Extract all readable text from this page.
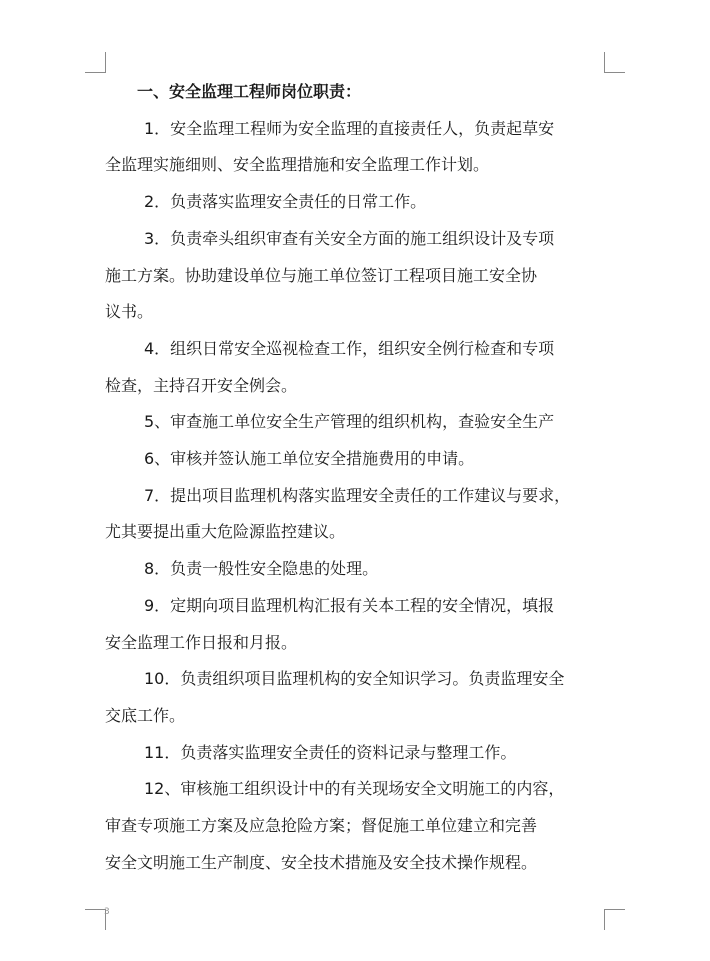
3

一、安全监理工程师岗位职责：

1．安全监理工程师为安全监理的直接责任人，负责起草安

全监理实施细则、安全监理措施和安全监理工作计划。

2．负责落实监理安全责任的日常工作。

3．负责牵头组织审查有关安全方面的施工组织设计及专项

施工方案。协助建设单位与施工单位签订工程项目施工安全协

议书。

4．组织日常安全巡视检查工作，组织安全例行检查和专项

检查，主持召开安全例会。

5、审查施工单位安全生产管理的组织机构，查验安全生产

6、审核并签认施工单位安全措施费用的申请。

7．提出项目监理机构落实监理安全责任的工作建议与要求，

尤其要提出重大危险源监控建议。

8．负责一般性安全隐患的处理。

9．定期向项目监理机构汇报有关本工程的安全情况，填报

安全监理工作日报和月报。

10．负责组织项目监理机构的安全知识学习。负责监理安全

交底工作。

11．负责落实监理安全责任的资料记录与整理工作。

12、审核施工组织设计中的有关现场安全文明施工的内容，

审查专项施工方案及应急抢险方案；督促施工单位建立和完善

安全文明施工生产制度、安全技术措施及安全技术操作规程。
